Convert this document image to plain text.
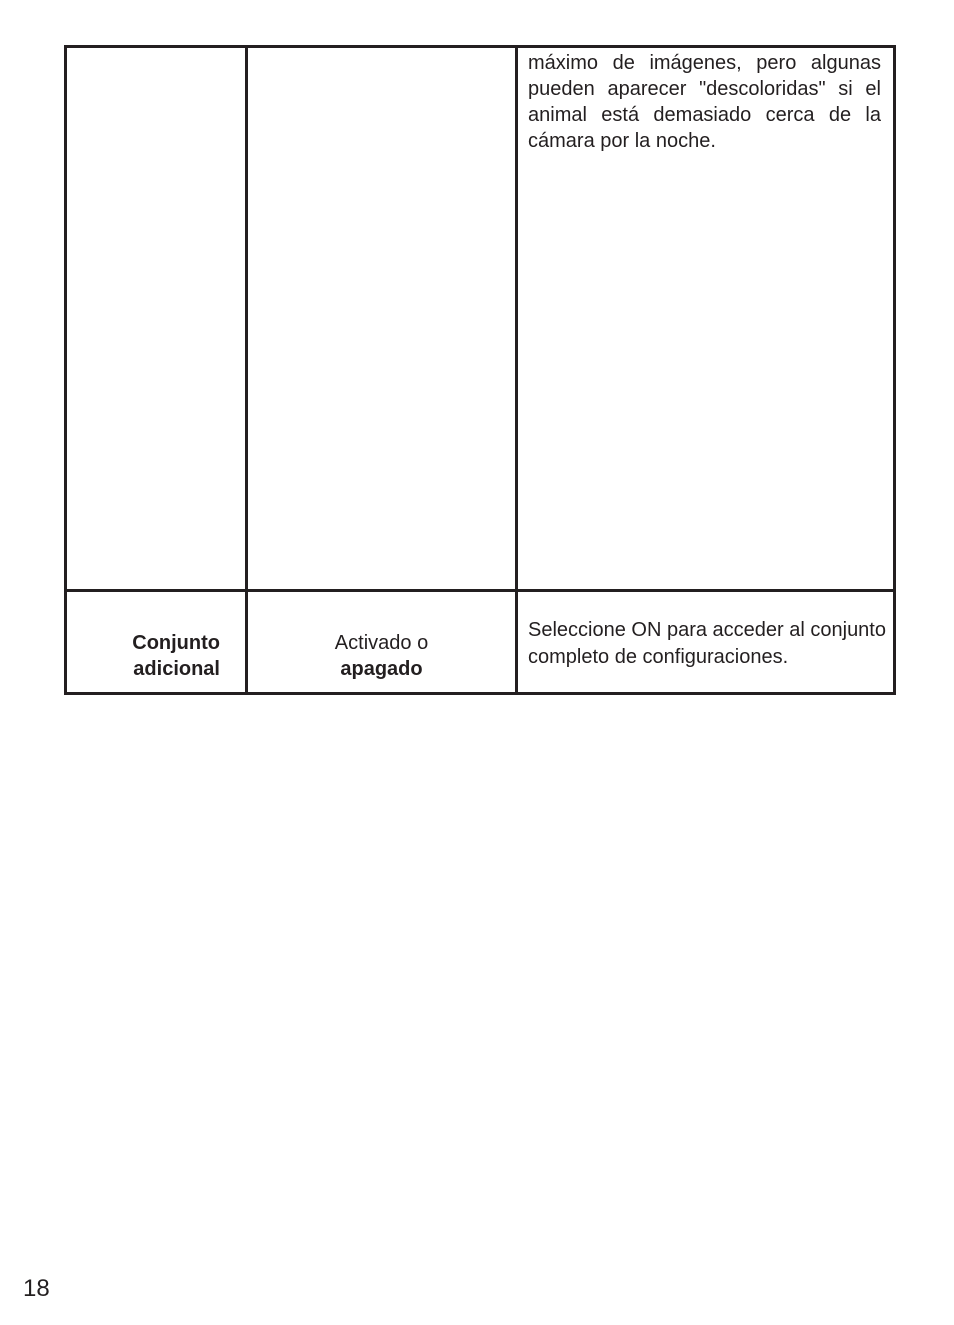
máximo de imágenes, pero algunas pueden aparecer "descoloridas" si el animal está demasiado cerca de la cámara por la noche.
Conjunto
adicional
Activado o
apagado
Seleccione ON para acceder al conjunto completo de configuraciones.
18
